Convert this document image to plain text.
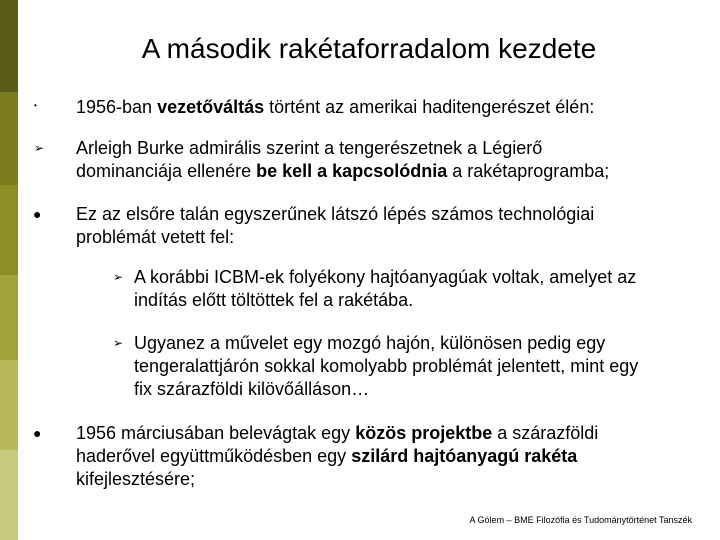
A második rakétaforradalom kezdete
• 1956-ban vezetőváltás történt az amerikai haditengerészet élén:
➢ Arleigh Burke admirális szerint a tengerészetnek a Légierő
dominanciája ellenére be kell a kapcsolódnia a rakétaprogramba;
● Ez az elsőre talán egyszerűnek látszó lépés számos technológiai
problémát vetett fel:
➢ A korábbi ICBM-ek folyékony hajtóanyagúak voltak, amelyet az
indítás előtt töltöttek fel a rakétába.
➢ Ugyanez a művelet egy mozgó hajón, különösen pedig egy
tengeralattjárón sokkal komolyabb problémát jelentett, mint egy
fix szárazföldi kilövőálláson…
● 1956 márciusában belevágtak egy közös projektbe a szárazföldi
haderővel együttműködésben egy szilárd hajtóanyagú rakéta
kifejlesztésére;
A Gólem – BME Filozófia és Tudománytörténet Tanszék
